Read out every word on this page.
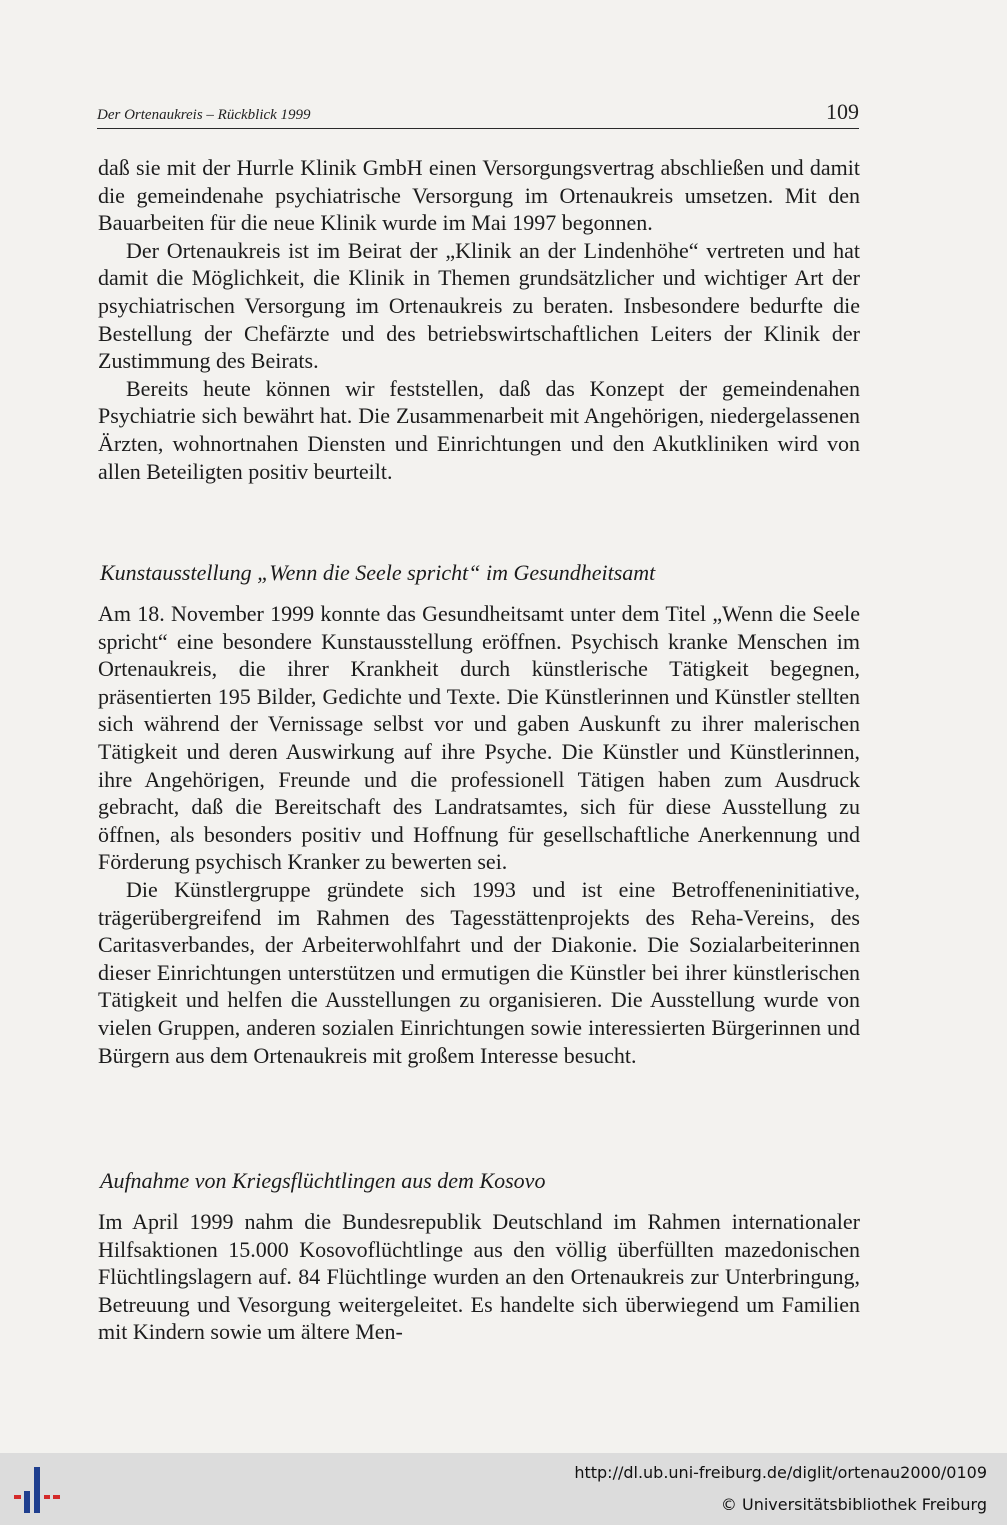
Der Ortenaukreis – Rückblick 1999	109

daß sie mit der Hurrle Klinik GmbH einen Versorgungsvertrag abschließen und damit die gemeindenahe psychiatrische Versorgung im Ortenaukreis umsetzen. Mit den Bauarbeiten für die neue Klinik wurde im Mai 1997 begonnen.

Der Ortenaukreis ist im Beirat der „Klinik an der Lindenhöhe“ vertreten und hat damit die Möglichkeit, die Klinik in Themen grundsätzlicher und wichtiger Art der psychiatrischen Versorgung im Ortenaukreis zu beraten. Insbesondere bedurfte die Bestellung der Chefärzte und des betriebswirtschaftlichen Leiters der Klinik der Zustimmung des Beirats.

Bereits heute können wir feststellen, daß das Konzept der gemeindenahen Psychiatrie sich bewährt hat. Die Zusammenarbeit mit Angehörigen, niedergelassenen Ärzten, wohnortnahen Diensten und Einrichtungen und den Akutkliniken wird von allen Beteiligten positiv beurteilt.

Kunstausstellung „Wenn die Seele spricht“ im Gesundheitsamt

Am 18. November 1999 konnte das Gesundheitsamt unter dem Titel „Wenn die Seele spricht“ eine besondere Kunstausstellung eröffnen. Psychisch kranke Menschen im Ortenaukreis, die ihrer Krankheit durch künstlerische Tätigkeit begegnen, präsentierten 195 Bilder, Gedichte und Texte. Die Künstlerinnen und Künstler stellten sich während der Vernissage selbst vor und gaben Auskunft zu ihrer malerischen Tätigkeit und deren Auswirkung auf ihre Psyche. Die Künstler und Künstlerinnen, ihre Angehörigen, Freunde und die professionell Tätigen haben zum Ausdruck gebracht, daß die Bereitschaft des Landratsamtes, sich für diese Ausstellung zu öffnen, als besonders positiv und Hoffnung für gesellschaftliche Anerkennung und Förderung psychisch Kranker zu bewerten sei.

Die Künstlergruppe gründete sich 1993 und ist eine Betroffeneninitiative, trägerübergreifend im Rahmen des Tagesstättenprojekts des Reha-Vereins, des Caritasverbandes, der Arbeiterwohlfahrt und der Diakonie. Die Sozialarbeiterinnen dieser Einrichtungen unterstützen und ermutigen die Künstler bei ihrer künstlerischen Tätigkeit und helfen die Ausstellungen zu organisieren. Die Ausstellung wurde von vielen Gruppen, anderen sozialen Einrichtungen sowie interessierten Bürgerinnen und Bürgern aus dem Ortenaukreis mit großem Interesse besucht.

Aufnahme von Kriegsflüchtlingen aus dem Kosovo

Im April 1999 nahm die Bundesrepublik Deutschland im Rahmen internationaler Hilfsaktionen 15.000 Kosovoflüchtlinge aus den völlig überfüllten mazedonischen Flüchtlingslagern auf. 84 Flüchtlinge wurden an den Ortenaukreis zur Unterbringung, Betreuung und Vesorgung weitergeleitet. Es handelte sich überwiegend um Familien mit Kindern sowie um ältere Men-

http://dl.ub.uni-freiburg.de/diglit/ortenau2000/0109
© Universitätsbibliothek Freiburg
